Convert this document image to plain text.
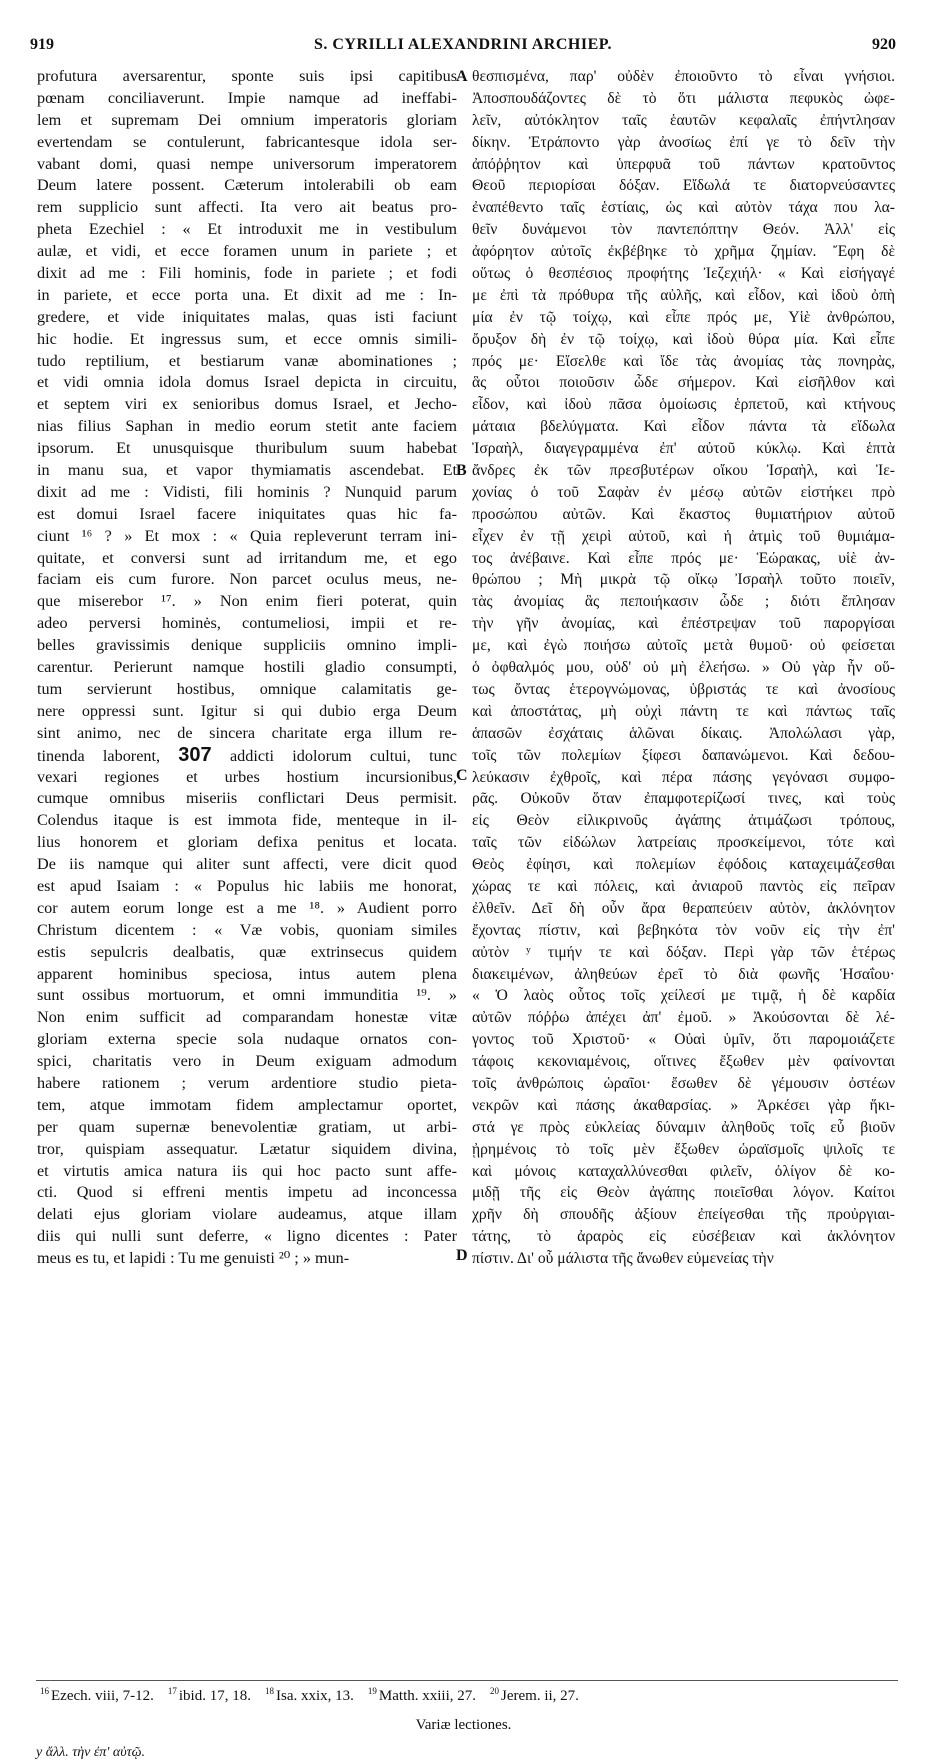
919	S. CYRILLI ALEXANDRINI ARCHIEP.	920
profutura aversarentur, sponte suis ipsi capitibus
pœnam conciliaverunt. Impie namque ad ineffabi-
lem et supremam Dei omnium imperatoris gloriam
evertendam se contulerunt, fabricantesque idola ser-
vabant domi, quasi nempe universorum imperatorem
Deum latere possent. Cæterum intolerabili ob eam
rem supplicio sunt affecti. Ita vero ait beatus pro-
pheta Ezechiel : « Et introduxit me in vestibulum
aulæ, et vidi, et ecce foramen unum in pariete ; et
dixit ad me : Fili hominis, fode in pariete ; et fodi
in pariete, et ecce porta una. Et dixit ad me : In-
gredere, et vide iniquitates malas, quas isti faciunt
hic hodie. Et ingressus sum, et ecce omnis simili-
tudo reptilium, et bestiarum vanæ abominationes ;
et vidi omnia idola domus Israel depicta in circuitu,
et septem viri ex senioribus domus Israel, et Jecho-
nias filius Saphan in medio eorum stetit ante faciem
ipsorum. Et unusquisque thuribulum suum habebat
in manu sua, et vapor thymiamatis ascendebat. Et
dixit ad me : Vidisti, fili hominis ? Nunquid parum
est domui Israel facere iniquitates quas hic fa-
ciunt ¹⁶ ? » Et mox : « Quia repleverunt terram ini-
quitate, et conversi sunt ad irritandum me, et ego
faciam eis cum furore. Non parcet oculus meus, ne-
que miserebor ¹⁷. » Non enim fieri poterat, quin
adeo perversi hominės, contumeliosi, impii et re-
belles gravissimis denique suppliciis omnino impli-
carentur. Perierunt namque hostili gladio consumpti,
tum servierunt hostibus, omnique calamitatis ge-
nere oppressi sunt. Igitur si qui dubio erga Deum
sint animo, nec de sincera charitate erga illum re-
tinenda laborent, 307 addicti idolorum cultui, tunc
vexari regiones et urbes hostium incursionibus,
cumque omnibus miseriis conflictari Deus permisit.
Colendus itaque is est immota fide, menteque in il-
lius honorem et gloriam defixa penitus et locata.
De iis namque qui aliter sunt affecti, vere dicit quod
est apud Isaiam : « Populus hic labiis me honorat,
cor autem eorum longe est a me ¹⁸. » Audient porro
Christum dicentem : « Væ vobis, quoniam similes
estis sepulcris dealbatis, quæ extrinsecus quidem
apparent hominibus speciosa, intus autem plena
sunt ossibus mortuorum, et omni immunditia ¹⁹. »
Non enim sufficit ad comparandam honestæ vitæ
gloriam externa specie sola nudaque ornatos con-
spici, charitatis vero in Deum exiguam admodum
habere rationem ; verum ardentiore studio pieta-
tem, atque immotam fidem amplectamur oportet,
per quam supernæ benevolentiæ gratiam, ut arbi-
tror, quispiam assequatur. Lætatur siquidem divina,
et virtutis amica natura iis qui hoc pacto sunt affe-
cti. Quod si effreni mentis impetu ad inconcessa
delati ejus gloriam violare audeamus, atque illam
diis qui nulli sunt deferre, « ligno dicentes : Pater
meus es tu, et lapidi : Tu me genuisti ²⁰ ; » mun-
θεσπισμένα, παρ' οὐδὲν ἐποιοῦντο τὸ εἶναι γνήσιοι.
Ἀποσπουδάζοντες δὲ τὸ ὅτι μάλιστα πεφυκὸς ὠφε-
λεῖν, αὐτόκλητον ταῖς ἑαυτῶν κεφαλαῖς ἐπήντλησαν
δίκην. Ἐτράποντο γὰρ ἀνοσίως ἐπί γε τὸ δεῖν τὴν
ἀπόῤῥητον καὶ ὑπερφυᾶ τοῦ πάντων κρατοῦντος
Θεοῦ περιορίσαι δόξαν. Εἴδωλά τε διατορνεύσαντες
ἐναπέθεντο ταῖς ἑστίαις, ὡς καὶ αὐτὸν τάχα που λα-
θεῖν δυνάμενοι τὸν παντεπόπτην Θεόν. Ἀλλ' εἰς
ἀφόρητον αὐτοῖς ἐκβέβηκε τὸ χρῆμα ζημίαν. Ἔφη δὲ
οὕτως ὁ θεσπέσιος προφήτης Ἰεζεχιήλ· « Καὶ εἰσήγαγέ
με ἐπὶ τὰ πρόθυρα τῆς αὐλῆς, καὶ εἶδον, καὶ ἰδοὺ ὀπὴ
μία ἐν τῷ τοίχῳ, καὶ εἶπε πρός με, Υἱὲ ἀνθρώπου,
ὄρυξον δὴ ἐν τῷ τοίχῳ, καὶ ἰδοὺ θύρα μία. Καὶ εἶπε
πρός με· Εἴσελθε καὶ ἴδε τὰς ἀνομίας τὰς πονηρὰς,
ἃς οὗτοι ποιοῦσιν ὧδε σήμερον. Καὶ εἰσῆλθον καὶ
εἶδον, καὶ ἰδοὺ πᾶσα ὁμοίωσις ἑρπετοῦ, καὶ κτήνους
μάταια βδελύγματα. Καὶ εἶδον πάντα τὰ εἴδωλα
Ἰσραὴλ, διαγεγραμμένα ἐπ' αὐτοῦ κύκλῳ. Καὶ ἑπτὰ
ἄνδρες ἐκ τῶν πρεσβυτέρων οἴκου Ἰσραὴλ, καὶ Ἰε-
χονίας ὁ τοῦ Σαφὰν ἐν μέσῳ αὐτῶν εἱστήκει πρὸ
προσώπου αὐτῶν. Καὶ ἕκαστος θυμιατήριον αὐτοῦ
εἶχεν ἐν τῇ χειρὶ αὐτοῦ, καὶ ἡ ἀτμὶς τοῦ θυμιάμα-
τος ἀνέβαινε. Καὶ εἶπε πρός με· Ἑώρακας, υἱὲ ἀν-
θρώπου ; Μὴ μικρὰ τῷ οἴκῳ Ἰσραὴλ τοῦτο ποιεῖν,
τὰς ἀνομίας ἃς πεποιήκασιν ὧδε ; διότι ἔπλησαν
τὴν γῆν ἀνομίας, καὶ ἐπέστρεψαν τοῦ παροργίσαι
με, καὶ ἐγὼ ποιήσω αὐτοῖς μετὰ θυμοῦ· οὐ φείσεται
ὁ ὀφθαλμός μου, οὐδ' οὐ μὴ ἐλεήσω. » Οὐ γὰρ ἦν οὕ-
τως ὄντας ἑτερογνώμονας, ὑβριστάς τε καὶ ἀνοσίους
καὶ ἀποστάτας, μὴ οὐχὶ πάντη τε καὶ πάντως ταῖς
ἁπασῶν ἐσχάταις ἁλῶναι δίκαις. Ἀπολώλασι γὰρ,
τοῖς τῶν πολεμίων ξίφεσι δαπανώμενοι. Καὶ δεδου-
λεύκασιν ἐχθροῖς, καὶ πέρα πάσης γεγόνασι συμφο-
ρᾶς. Οὐκοῦν ὅταν ἐπαμφοτερίζωσί τινες, καὶ τοὺς
εἰς Θεὸν εἰλικρινοῦς ἀγάπης ἀτιμάζωσι τρόπους,
ταῖς τῶν εἰδώλων λατρείαις προσκείμενοι, τότε καὶ
Θεὸς ἐφίησι, καὶ πολεμίων ἐφόδοις καταχειμάζεσθαι
χώρας τε καὶ πόλεις, καὶ ἀνιαροῦ παντὸς εἰς πεῖραν
ἐλθεῖν. Δεῖ δὴ οὖν ἄρα θεραπεύειν αὐτὸν, ἀκλόνητον
ἔχοντας πίστιν, καὶ βεβηκότα τὸν νοῦν εἰς τὴν ἐπ'
αὐτὸν ʸ τιμήν τε καὶ δόξαν. Περὶ γὰρ τῶν ἑτέρως
διακειμένων, ἀληθεύων ἐρεῖ τὸ διὰ φωνῆς Ἡσαΐου·
« Ὁ λαὸς οὗτος τοῖς χείλεσί με τιμᾷ, ἡ δὲ καρδία
αὐτῶν πόῤῥω ἀπέχει ἀπ' ἐμοῦ. » Ἀκούσονται δὲ λέ-
γοντος τοῦ Χριστοῦ· « Οὐαὶ ὑμῖν, ὅτι παρομοιάζετε
τάφοις κεκονιαμένοις, οἵτινες ἔξωθεν μὲν φαίνονται
τοῖς ἀνθρώποις ὡραῖοι· ἔσωθεν δὲ γέμουσιν ὀστέων
νεκρῶν καὶ πάσης ἀκαθαρσίας. » Ἀρκέσει γὰρ ἥκι-
στά γε πρὸς εὐκλείας δύναμιν ἀληθοῦς τοῖς εὖ βιοῦν
ᾐρημένοις τὸ τοῖς μὲν ἔξωθεν ὡραϊσμοῖς ψιλοῖς τε
καὶ μόνοις καταχαλλύνεσθαι φιλεῖν, ὀλίγον δὲ κο-
μιδῇ τῆς εἰς Θεὸν ἀγάπης ποιεῖσθαι λόγον. Καίτοι
χρῆν δὴ σπουδῆς ἀξίουν ἐπείγεσθαι τῆς προὐργιαι-
τάτης, τὸ ἀραρὸς εἰς εὐσέβειαν καὶ ἀκλόνητον
πίστιν. Δι' οὗ μάλιστα τῆς ἄνωθεν εὐμενείας τὴν
A
B
C
D
$^{16}$ Ezech. viii, 7-12. $^{17}$ ibid. 17, 18. $^{18}$ Isa. xxix, 13. $^{19}$ Matth. xxiii, 27. $^{20}$ Jerem. ii, 27.
Variæ lectiones.
y ἄλλ. τὴν ἐπ' αὐτῷ.
